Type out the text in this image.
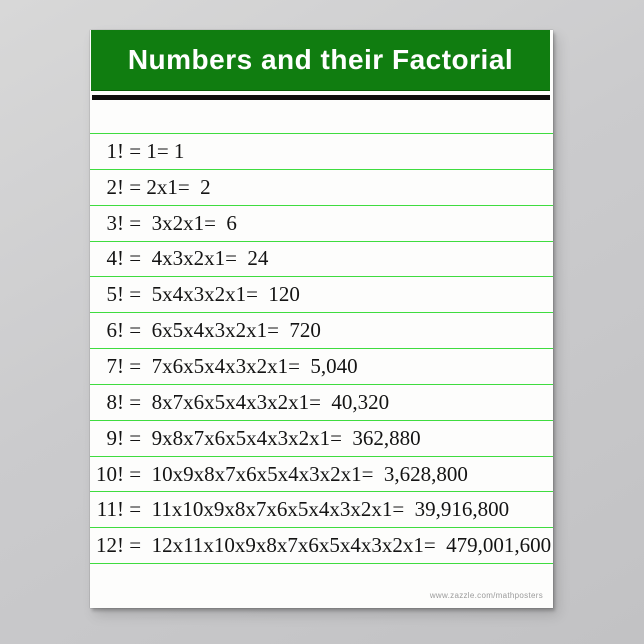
Numbers and their Factorial
1! = 1= 1
2! = 2x1=  2
3! =  3x2x1=  6
4! =  4x3x2x1=  24
5! =  5x4x3x2x1=  120
6! =  6x5x4x3x2x1=  720
7! =  7x6x5x4x3x2x1=  5,040
8! =  8x7x6x5x4x3x2x1=  40,320
9! =  9x8x7x6x5x4x3x2x1=  362,880
10! =  10x9x8x7x6x5x4x3x2x1=  3,628,800
11! =  11x10x9x8x7x6x5x4x3x2x1=  39,916,800
12! =  12x11x10x9x8x7x6x5x4x3x2x1=  479,001,600
www.zazzle.com/mathposters
